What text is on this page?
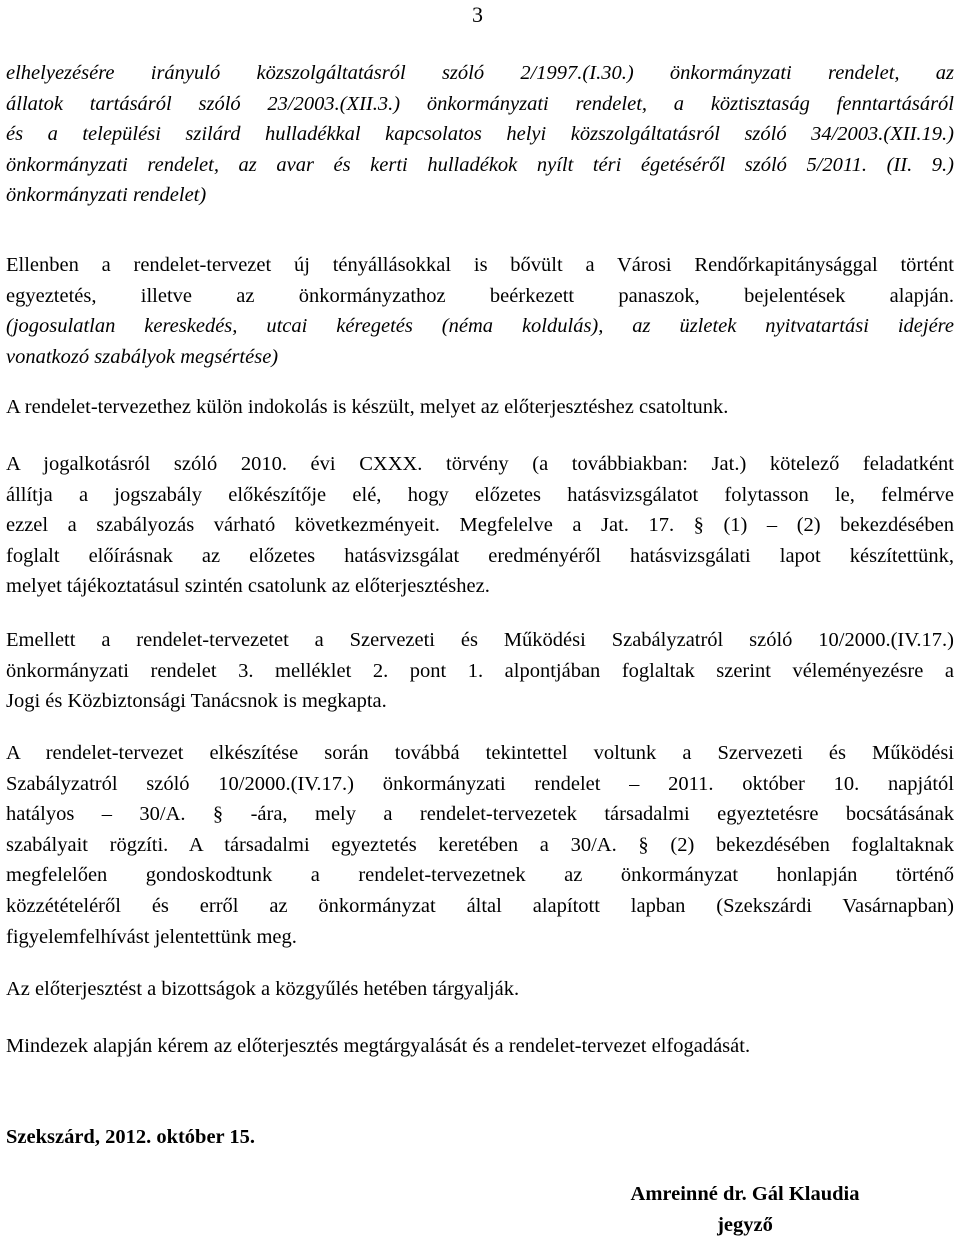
3
elhelyezésére irányuló közszolgáltatásról szóló 2/1997.(I.30.) önkormányzati rendelet, az
állatok tartásáról szóló 23/2003.(XII.3.) önkormányzati rendelet, a köztisztaság fenntartásáról
és a települési szilárd hulladékkal kapcsolatos helyi közszolgáltatásról szóló 34/2003.(XII.19.)
önkormányzati rendelet, az avar és kerti hulladékok nyílt téri égetéséről szóló 5/2011. (II. 9.)
önkormányzati rendelet)
Ellenben a rendelet-tervezet új tényállásokkal is bővült a Városi Rendőrkapitánysággal történt
egyeztetés, illetve az önkormányzathoz beérkezett panaszok, bejelentések alapján.
(jogosulatlan kereskedés, utcai kéregetés (néma koldulás), az üzletek nyitvatartási idejére
vonatkozó szabályok megsértése)
A rendelet-tervezethez külön indokolás is készült, melyet az előterjesztéshez csatoltunk.
A jogalkotásról szóló 2010. évi CXXX. törvény (a továbbiakban: Jat.) kötelező feladatként
állítja a jogszabály előkészítője elé, hogy előzetes hatásvizsgálatot folytasson le, felmérve
ezzel a szabályozás várható következményeit. Megfelelve a Jat. 17. § (1) – (2) bekezdésében
foglalt előírásnak az előzetes hatásvizsgálat eredményéről hatásvizsgálati lapot készítettünk,
melyet tájékoztatásul szintén csatolunk az előterjesztéshez.
Emellett a rendelet-tervezetet a Szervezeti és Működési Szabályzatról szóló 10/2000.(IV.17.)
önkormányzati rendelet 3. melléklet 2. pont 1. alpontjában foglaltak szerint véleményezésre a
Jogi és Közbiztonsági Tanácsnok is megkapta.
A rendelet-tervezet elkészítése során továbbá tekintettel voltunk a Szervezeti és Működési
Szabályzatról szóló 10/2000.(IV.17.) önkormányzati rendelet – 2011. október 10. napjától
hatályos – 30/A. § -ára, mely a rendelet-tervezetek társadalmi egyeztetésre bocsátásának
szabályait rögzíti. A társadalmi egyeztetés keretében a 30/A. § (2) bekezdésében foglaltaknak
megfelelően gondoskodtunk a rendelet-tervezetnek az önkormányzat honlapján történő
közzétételéről és erről az önkormányzat által alapított lapban (Szekszárdi Vasárnapban)
figyelemfelhívást jelentettünk meg.
Az előterjesztést a bizottságok a közgyűlés hetében tárgyalják.
Mindezek alapján kérem az előterjesztés megtárgyalását és a rendelet-tervezet elfogadását.
Szekszárd, 2012. október 15.
Amreinné dr. Gál Klaudia
jegyző
